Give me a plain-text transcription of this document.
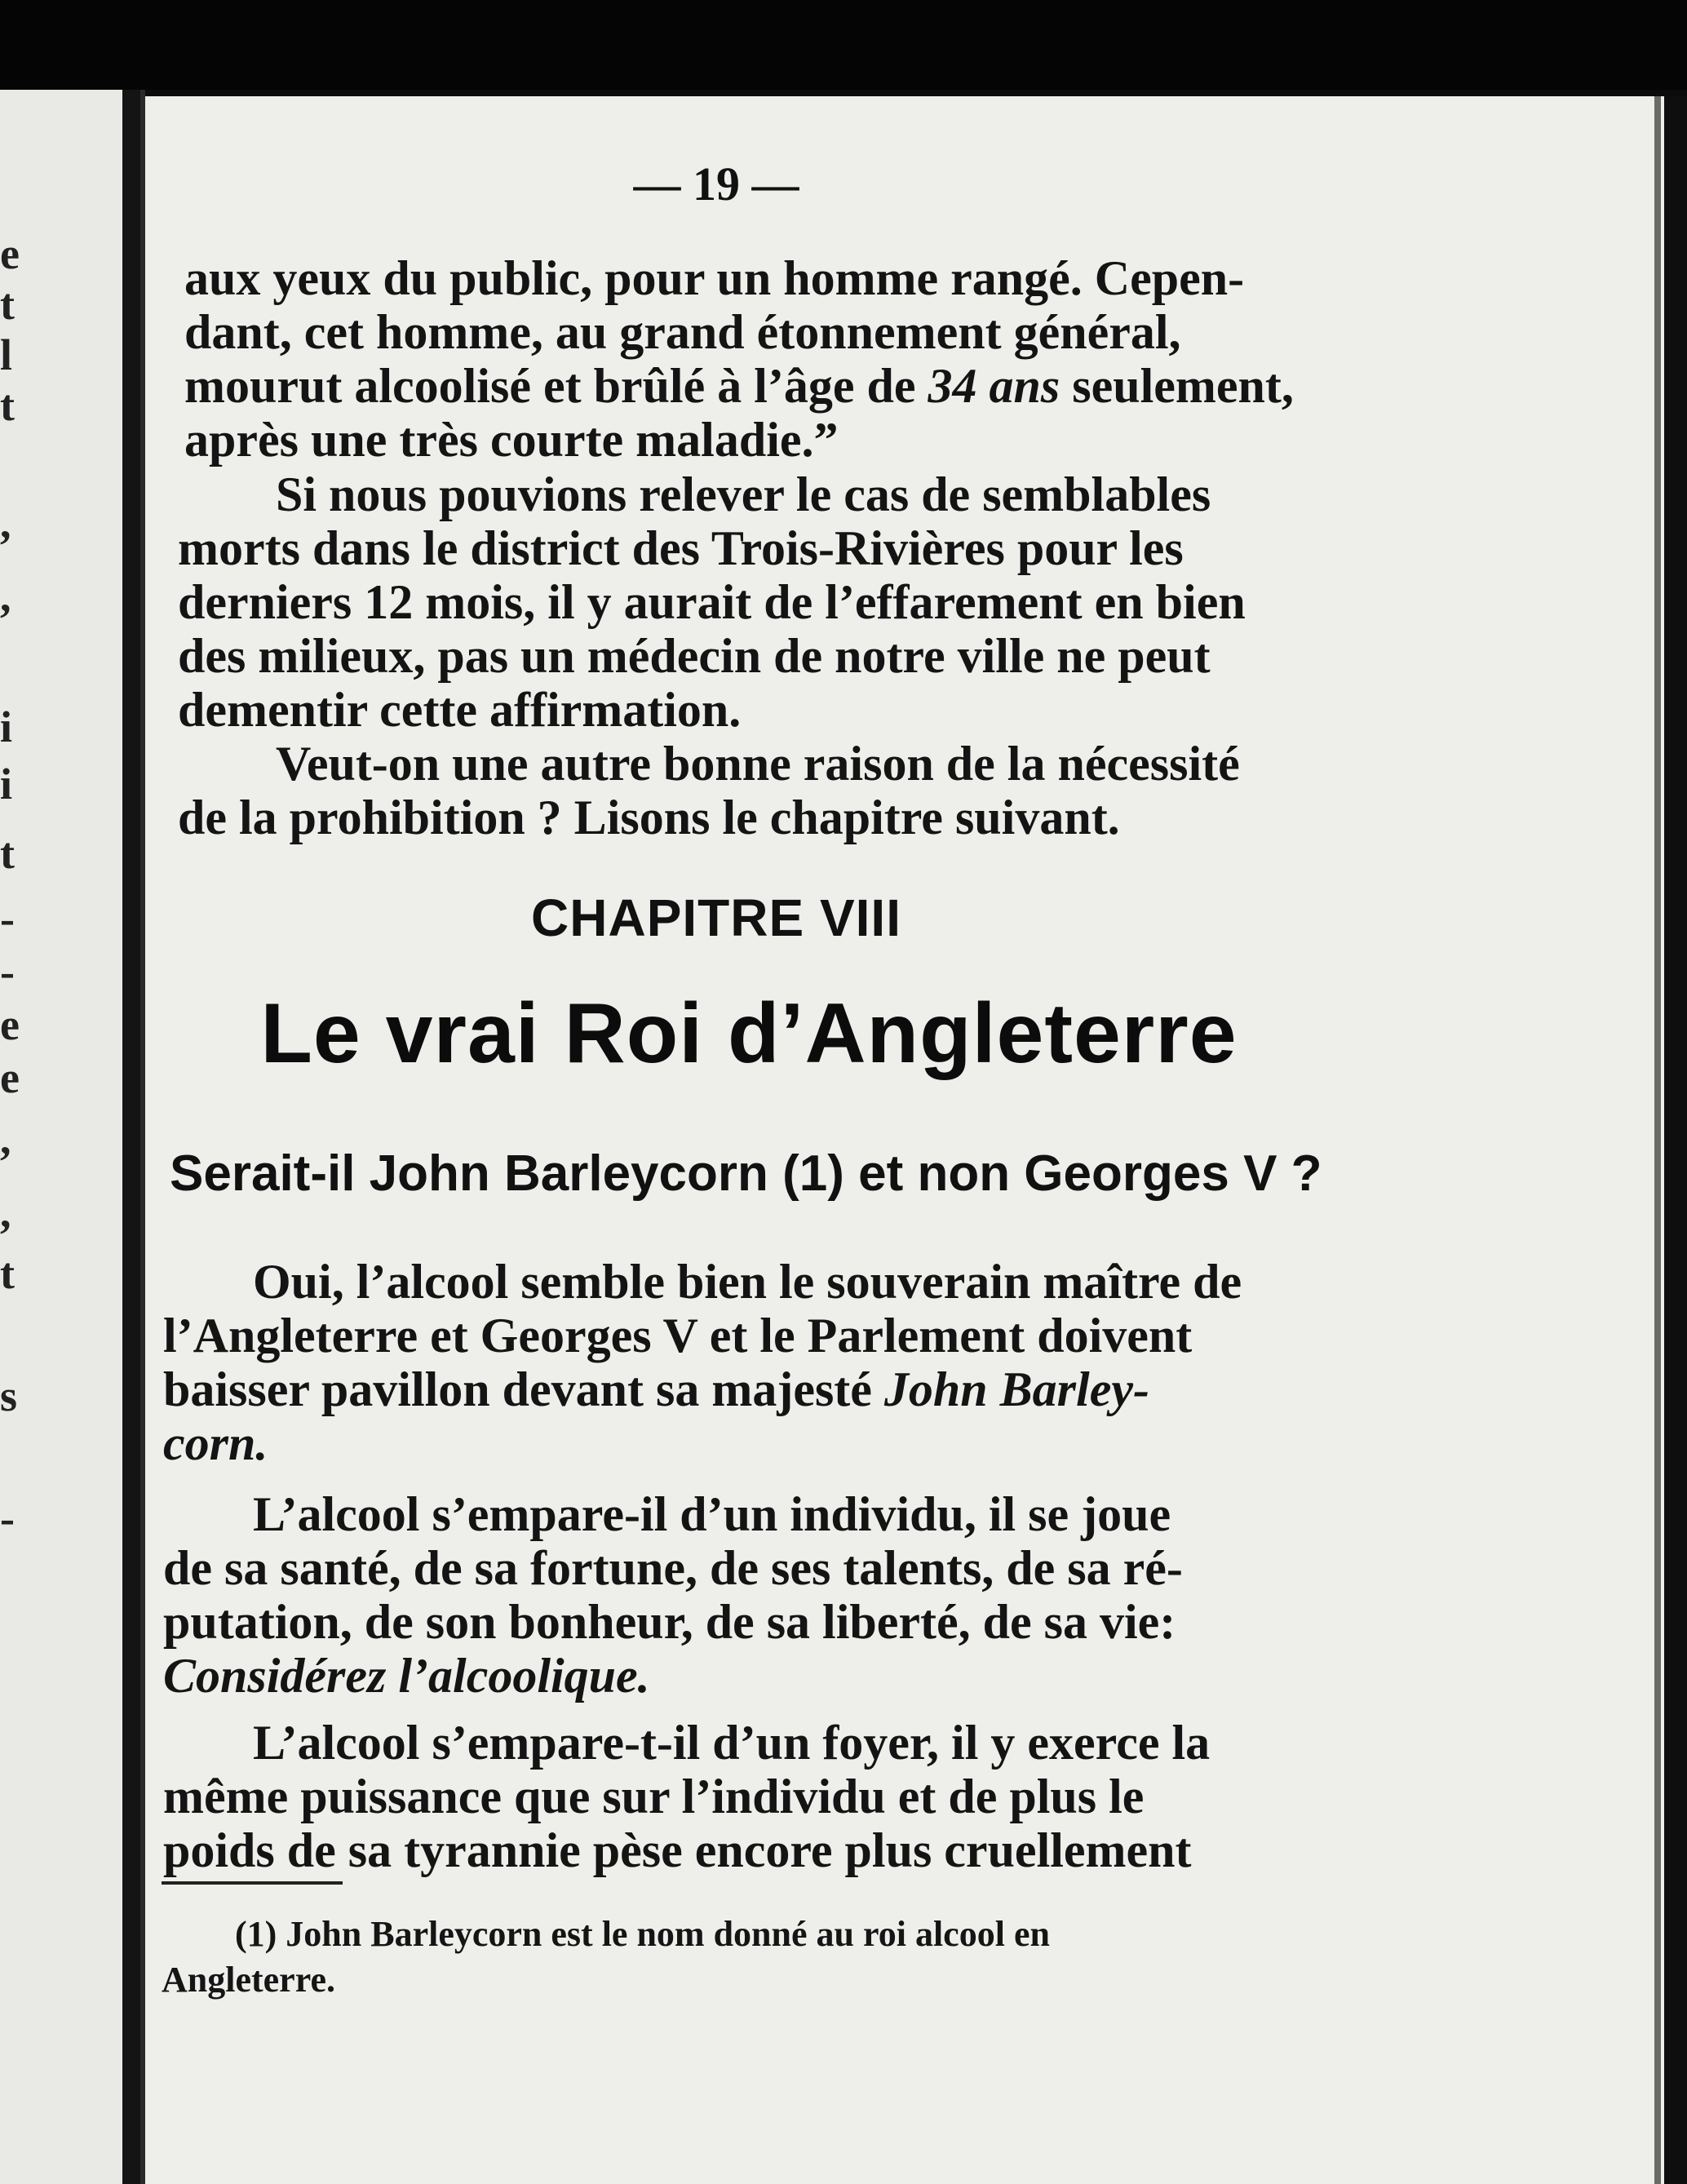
e
t
l
t
,
,
i
i
t
-
-
e
e
,
,
t
s
-
— 19 —
aux yeux du public, pour un homme rangé. Cepen-
dant, cet homme, au grand étonnement général,
mourut alcoolisé et brûlé à l’âge de 34 ans seulement,
après une très courte maladie.”
Si nous pouvions relever le cas de semblables
morts dans le district des Trois-Rivières pour les
derniers 12 mois, il y aurait de l’effarement en bien
des milieux, pas un médecin de notre ville ne peut
dementir cette affirmation.
Veut-on une autre bonne raison de la nécessité
de la prohibition ? Lisons le chapitre suivant.
CHAPITRE VIII
Le vrai Roi d’Angleterre
Serait-il John Barleycorn (1) et non Georges V ?
Oui, l’alcool semble bien le souverain maître de
l’Angleterre et Georges V et le Parlement doivent
baisser pavillon devant sa majesté John Barley-
corn.
L’alcool s’empare-il d’un individu, il se joue
de sa santé, de sa fortune, de ses talents, de sa ré-
putation, de son bonheur, de sa liberté, de sa vie:
Considérez l’alcoolique.
L’alcool s’empare-t-il d’un foyer, il y exerce la
même puissance que sur l’individu et de plus le
poids de sa tyrannie pèse encore plus cruellement
(1) John Barleycorn est le nom donné au roi alcool en
Angleterre.
